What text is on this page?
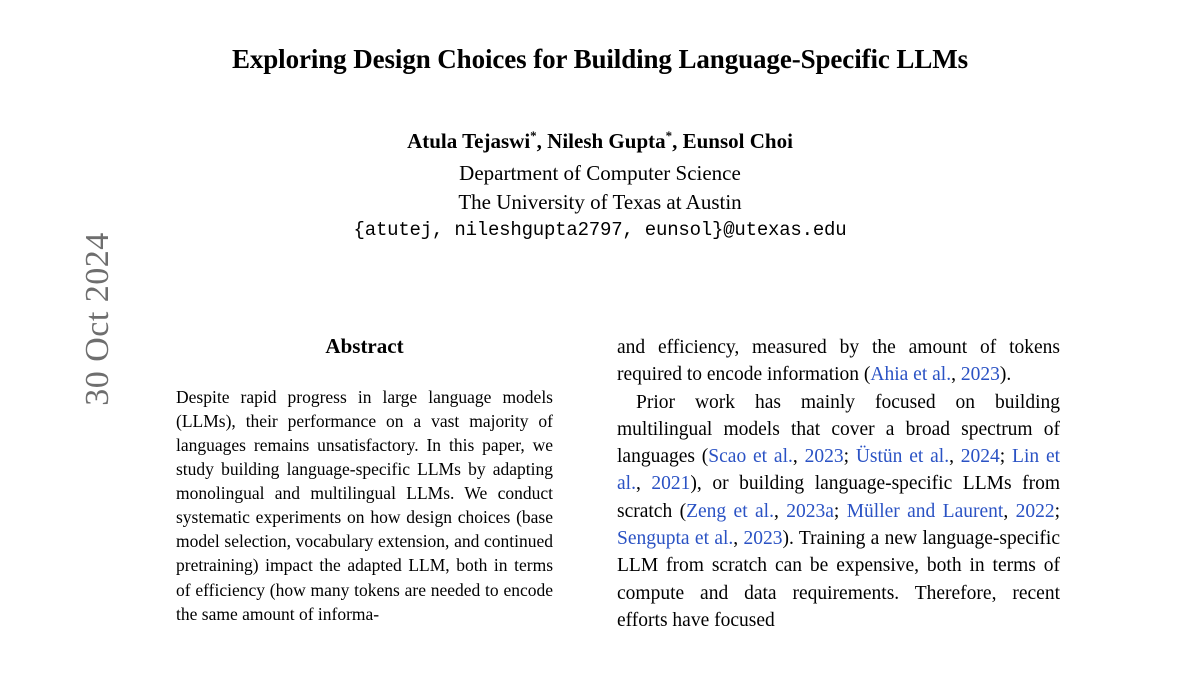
30 Oct 2024
Exploring Design Choices for Building Language-Specific LLMs
Atula Tejaswi*, Nilesh Gupta*, Eunsol Choi
Department of Computer Science
The University of Texas at Austin
{atutej, nileshgupta2797, eunsol}@utexas.edu
Abstract

Despite rapid progress in large language models (LLMs), their performance on a vast majority of languages remains unsatisfactory. In this paper, we study building language-specific LLMs by adapting monolingual and multilingual LLMs. We conduct systematic experiments on how design choices (base model selection, vocabulary extension, and continued pretraining) impact the adapted LLM, both in terms of efficiency (how many tokens are needed to encode the same amount of informa-

and efficiency, measured by the amount of tokens required to encode information (Ahia et al., 2023).

Prior work has mainly focused on building multilingual models that cover a broad spectrum of languages (Scao et al., 2023; Üstün et al., 2024; Lin et al., 2021), or building language-specific LLMs from scratch (Zeng et al., 2023a; Müller and Laurent, 2022; Sengupta et al., 2023). Training a new language-specific LLM from scratch can be expensive, both in terms of compute and data requirements. Therefore, recent efforts have focused
